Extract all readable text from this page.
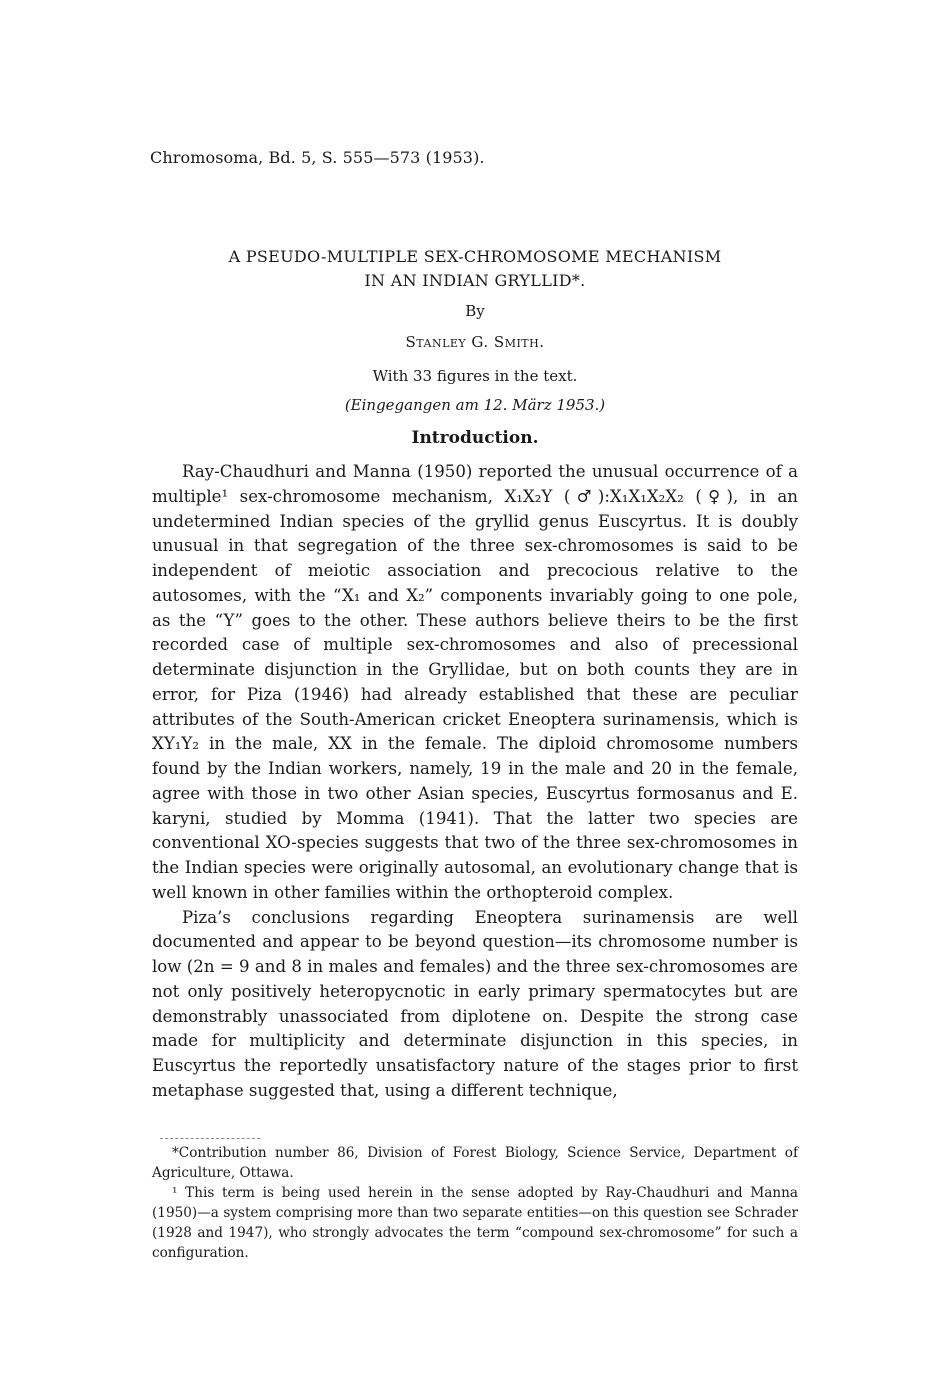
Chromosoma, Bd. 5, S. 555—573 (1953).
A PSEUDO-MULTIPLE SEX-CHROMOSOME MECHANISM
IN AN INDIAN GRYLLID*.
By
Stanley G. Smith.
With 33 figures in the text.
(Eingegangen am 12. März 1953.)
Introduction.

Ray-Chaudhuri and Manna (1950) reported the unusual occurrence of a multiple¹ sex-chromosome mechanism, X₁X₂Y (♂):X₁X₁X₂X₂ (♀), in an undetermined Indian species of the gryllid genus Euscyrtus. It is doubly unusual in that segregation of the three sex-chromosomes is said to be independent of meiotic association and precocious relative to the autosomes, with the “X₁ and X₂” components invariably going to one pole, as the “Y” goes to the other. These authors believe theirs to be the first recorded case of multiple sex-chromosomes and also of precessional determinate disjunction in the Gryllidae, but on both counts they are in error, for Piza (1946) had already established that these are peculiar attributes of the South-American cricket Eneoptera surinamensis, which is XY₁Y₂ in the male, XX in the female. The diploid chromosome numbers found by the Indian workers, namely, 19 in the male and 20 in the female, agree with those in two other Asian species, Euscyrtus formosanus and E. karyni, studied by Momma (1941). That the latter two species are conventional XO-species suggests that two of the three sex-chromosomes in the Indian species were originally autosomal, an evolutionary change that is well known in other families within the orthopteroid complex.

Piza’s conclusions regarding Eneoptera surinamensis are well documented and appear to be beyond question—its chromosome number is low (2n = 9 and 8 in males and females) and the three sex-chromosomes are not only positively heteropycnotic in early primary spermatocytes but are demonstrably unassociated from diplotene on. Despite the strong case made for multiplicity and determinate disjunction in this species, in Euscyrtus the reportedly unsatisfactory nature of the stages prior to first metaphase suggested that, using a different technique,

*Contribution number 86, Division of Forest Biology, Science Service, Department of Agriculture, Ottawa.

¹ This term is being used herein in the sense adopted by Ray-Chaudhuri and Manna (1950)—a system comprising more than two separate entities—on this question see Schrader (1928 and 1947), who strongly advocates the term “compound sex-chromosome” for such a configuration.
